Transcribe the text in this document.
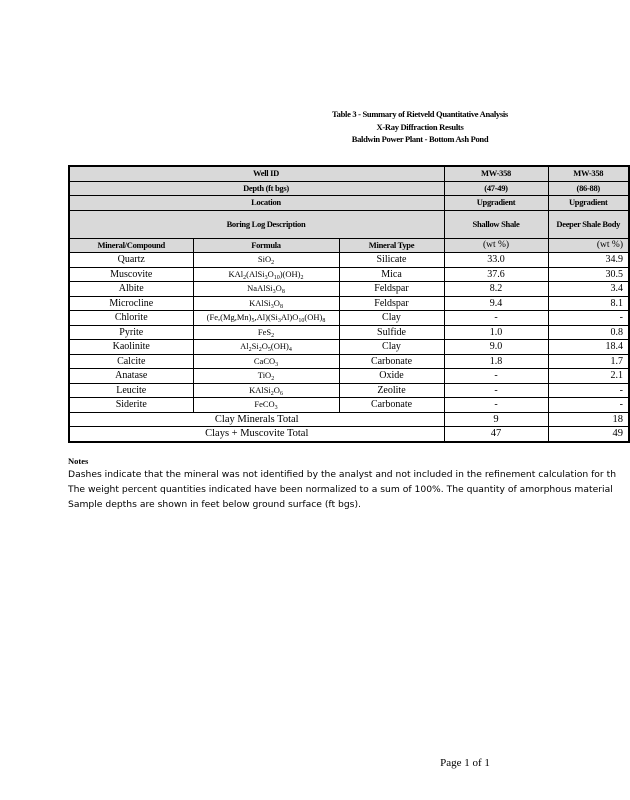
Table 3 - Summary of Rietveld Quantitative Analysis
X-Ray Diffraction Results
Baldwin Power Plant - Bottom Ash Pond
	Well ID		MW-358	MW-358
	Depth (ft bgs)		(47-49)	(86-88)
	Location		Upgradient	Upgradient
	Boring Log Description		Shallow Shale	Deeper Shale Body
Mineral/Compound	Formula	Mineral Type	(wt %)	(wt %)
Quartz	SiO$_2$	Silicate	33.0	34.9
Muscovite	$KAl_2(AlSi_3O_{10})(OH)_2$	Mica	37.6	30.5
Albite	$NaAlSi_3O_8$	Feldspar	8.2	3.4
Microcline	$KAlSi_3O_8$	Feldspar	9.4	8.1
Chlorite	$(Fe,(Mg,Mn)_5,Al)(Si_3Al)O_{10}(OH)_8$	Clay	-	-
Pyrite	FeS$_2$	Sulfide	1.0	0.8
Kaolinite	$Al_2Si_2O_5(OH)_4$	Clay	9.0	18.4
Calcite	CaCO$_3$	Carbonate	1.8	1.7
Anatase	TiO$_2$	Oxide	-	2.1
Leucite	$KAlSi_2O_6$	Zeolite	-	-
Siderite	FeCO$_3$	Carbonate	-	-
Clay Minerals Total			9	18
Clays + Muscovite Total			47	49
Notes
Dashes indicate that the mineral was not identified by the analyst and not included in the refinement calculation for th
The weight percent quantities indicated have been normalized to a sum of 100%. The quantity of amorphous material
Sample depths are shown in feet below ground surface (ft bgs).
Page 1 of 1
